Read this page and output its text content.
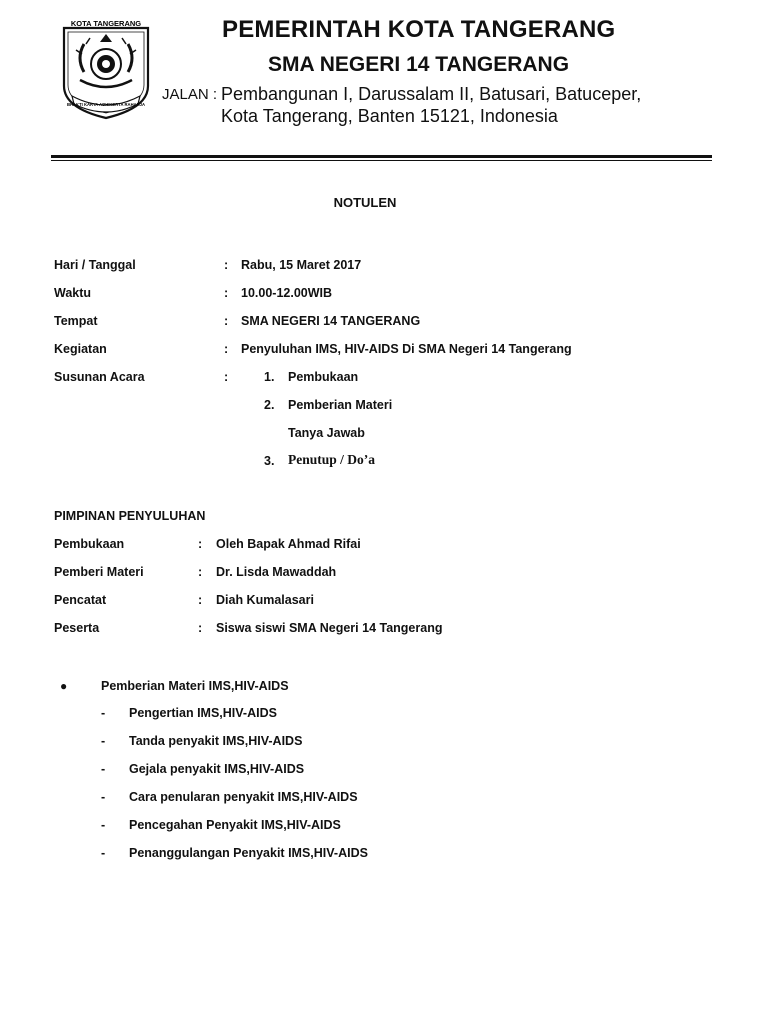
KOTA TANGERANG
BHAKTI KARYA ADHIKERTA RAHARJA
PEMERINTAH KOTA TANGERANG
SMA NEGERI 14 TANGERANG
JALAN : Pembangunan I, Darussalam II, Batusari, Batuceper,
Kota Tangerang, Banten 15121, Indonesia
NOTULEN
Hari / Tanggal	: Rabu, 15 Maret 2017
Waktu	: 10.00-12.00WIB
Tempat	: SMA NEGERI 14 TANGERANG
Kegiatan	: Penyuluhan IMS, HIV-AIDS Di SMA Negeri 14 Tangerang
Susunan Acara	:	1. Pembukaan
2. Pemberian Materi
Tanya Jawab
3. Penutup / Do’a
PIMPINAN PENYULUHAN
Pembukaan	: Oleh Bapak Ahmad Rifai
Pemberi Materi	: Dr. Lisda Mawaddah
Pencatat	: Diah Kumalasari
Peserta	: Siswa siswi SMA Negeri 14 Tangerang
●	Pemberian Materi IMS,HIV-AIDS
- Pengertian IMS,HIV-AIDS
- Tanda penyakit IMS,HIV-AIDS
- Gejala penyakit IMS,HIV-AIDS
- Cara penularan penyakit IMS,HIV-AIDS
- Pencegahan Penyakit IMS,HIV-AIDS
- Penanggulangan Penyakit IMS,HIV-AIDS
